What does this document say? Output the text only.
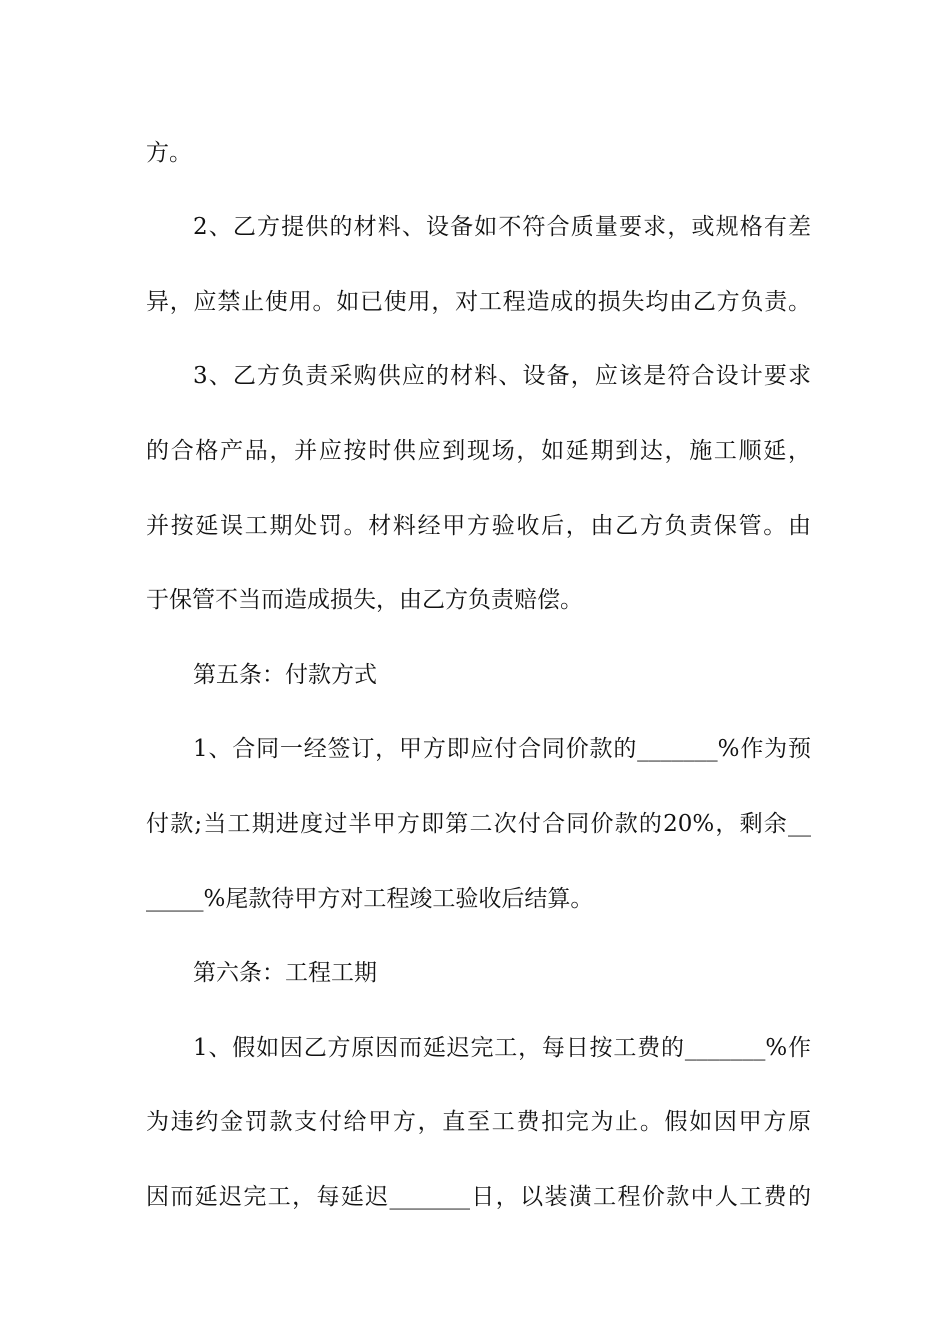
方。
2、乙方提供的材料、设备如不符合质量要求，或规格有差
异，应禁止使用。如已使用，对工程造成的损失均由乙方负责。
3、乙方负责采购供应的材料、设备，应该是符合设计要求
的合格产品，并应按时供应到现场，如延期到达，施工顺延，
并按延误工期处罚。材料经甲方验收后，由乙方负责保管。由
于保管不当而造成损失，由乙方负责赔偿。
第五条：付款方式
1、合同一经签订，甲方即应付合同价款的_______%作为预
付款;当工期进度过半甲方即第二次付合同价款的20%，剩余__
_____%尾款待甲方对工程竣工验收后结算。
第六条：工程工期
1、假如因乙方原因而延迟完工，每日按工费的_______%作
为违约金罚款支付给甲方，直至工费扣完为止。假如因甲方原
因而延迟完工，每延迟_______日，以装潢工程价款中人工费的
